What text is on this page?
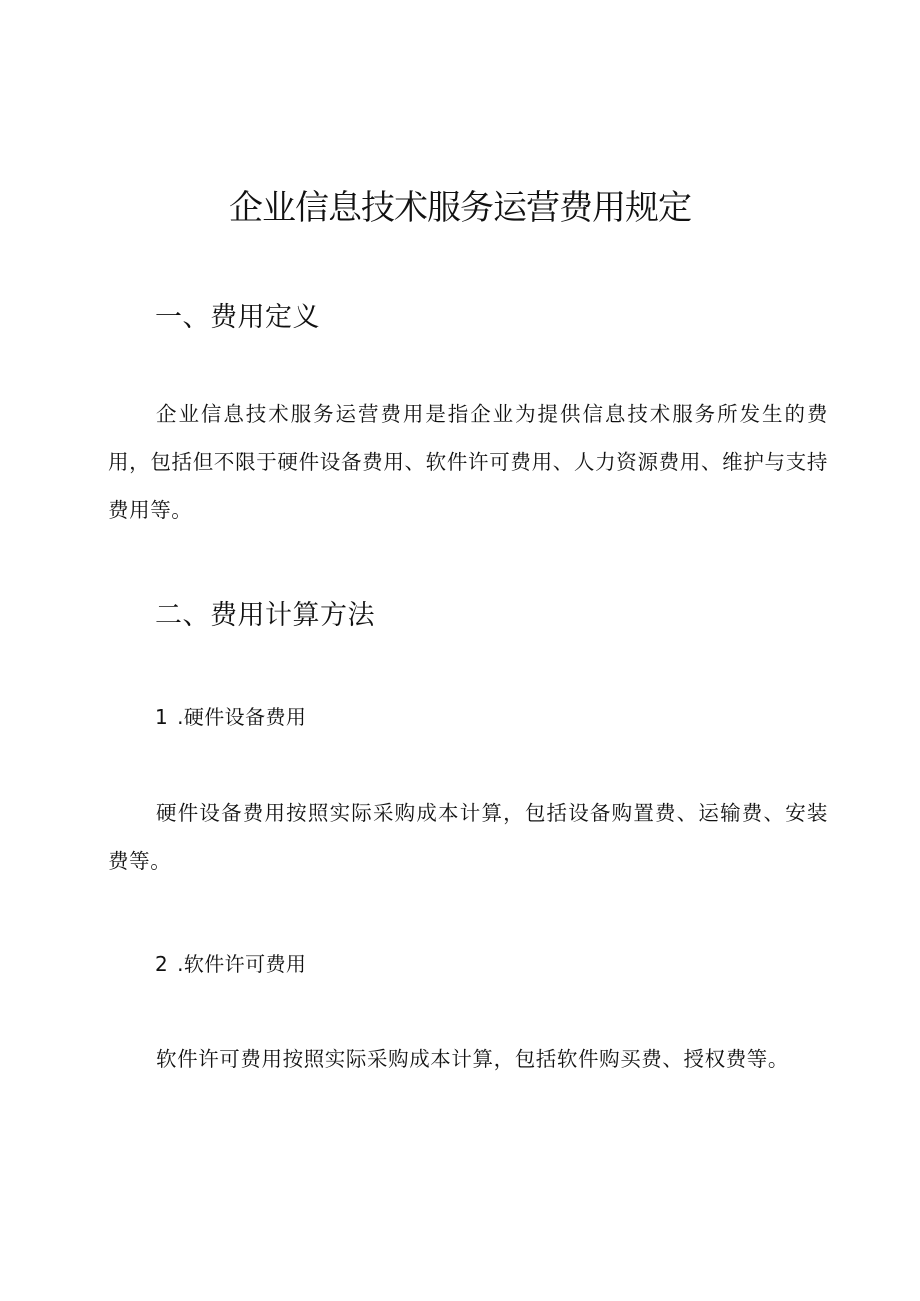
企业信息技术服务运营费用规定
一、费用定义

企业信息技术服务运营费用是指企业为提供信息技术服务所发生的费用，包括但不限于硬件设备费用、软件许可费用、人力资源费用、维护与支持费用等。

二、费用计算方法

1 .硬件设备费用

硬件设备费用按照实际采购成本计算，包括设备购置费、运输费、安装费等。

2 .软件许可费用

软件许可费用按照实际采购成本计算，包括软件购买费、授权费等。
